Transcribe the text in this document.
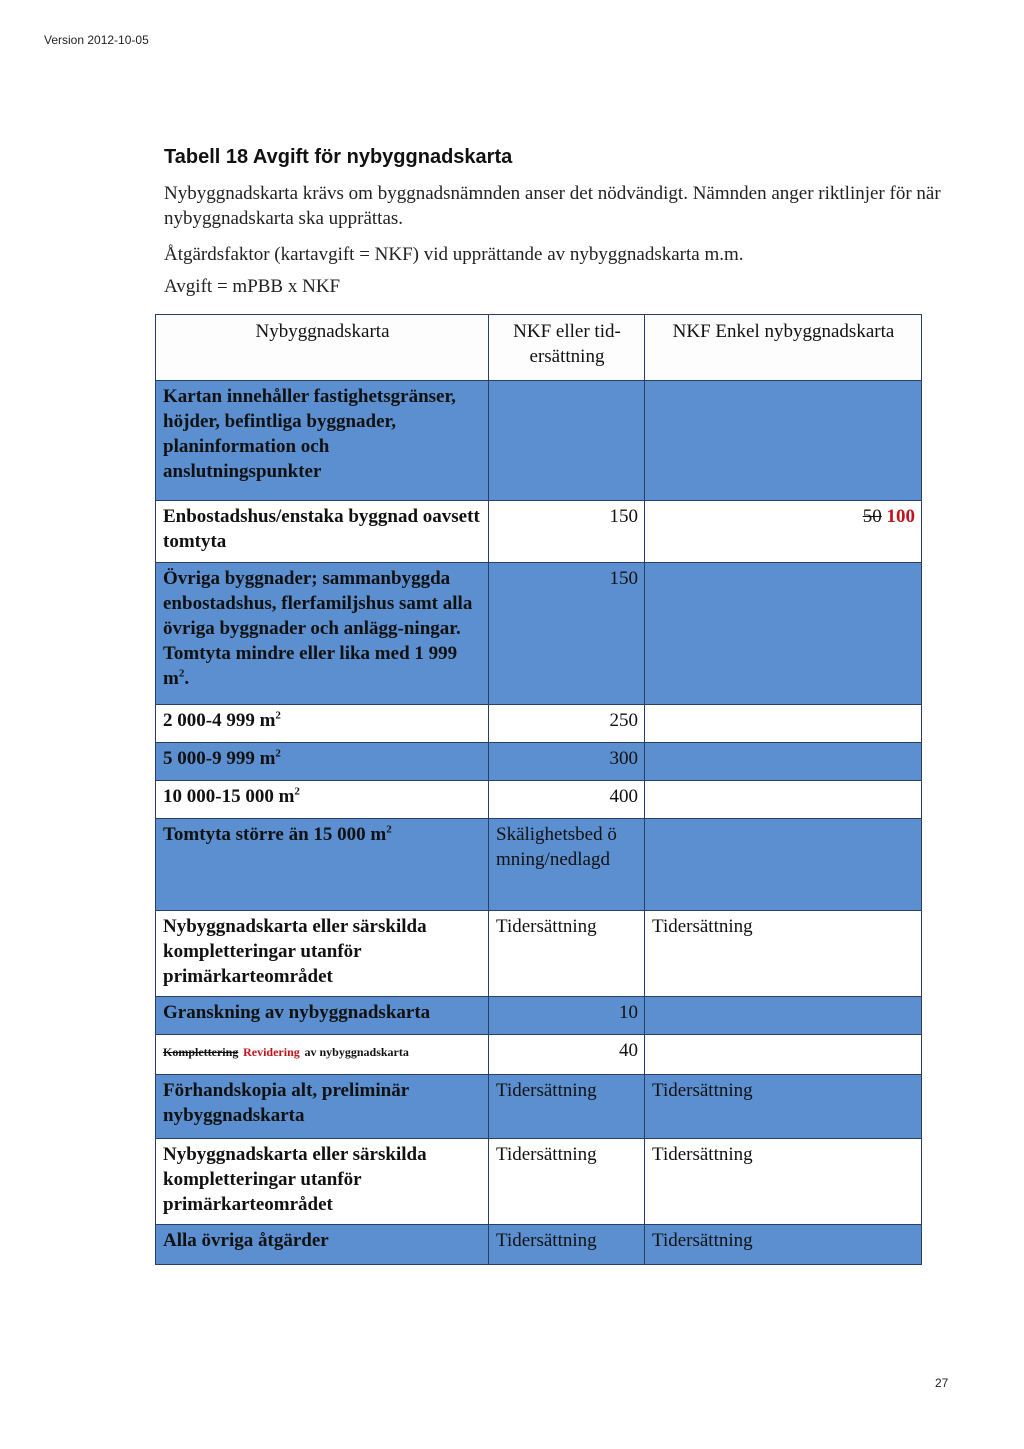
Version 2012-10-05
Tabell 18 Avgift för nybyggnadskarta

Nybyggnadskarta krävs om byggnadsnämnden anser det nödvändigt. Nämnden anger riktlinjer för när nybyggnadskarta ska upprättas.

Åtgärdsfaktor (kartavgift = NKF) vid upprättande av nybyggnadskarta m.m.

Avgift = mPBB x NKF

Nybyggnadskarta	NKF eller tid-ersättning	NKF Enkel nybyggnadskarta
Kartan innehåller fastighetsgränser, höjder, befintliga byggnader, planinformation och anslutningspunkter		
Enbostadshus/enstaka byggnad oavsett tomtyta	150	50 100
Övriga byggnader; sammanbyggda enbostadshus, flerfamiljshus samt alla övriga byggnader och anlägg-ningar. Tomtyta mindre eller lika med 1 999 $m^2$.	150	
2 000-4 999 $m^2$	250	
5 000-9 999 $m^2$	300	
10 000-15 000 $m^2$	400	
Tomtyta större än 15 000 $m^2$	Skälighetsbed ö mning/nedlagd	
Nybyggnadskarta eller särskilda kompletteringar utanför primärkarteområdet	Tidersättning	Tidersättning
Granskning av nybyggnadskarta	10	
Komplettering Revidering av nybyggnadskarta	40	
Förhandskopia alt, preliminär nybyggnadskarta	Tidersättning	Tidersättning
Nybyggnadskarta eller särskilda kompletteringar utanför primärkarteområdet	Tidersättning	Tidersättning
Alla övriga åtgärder	Tidersättning	Tidersättning
27
